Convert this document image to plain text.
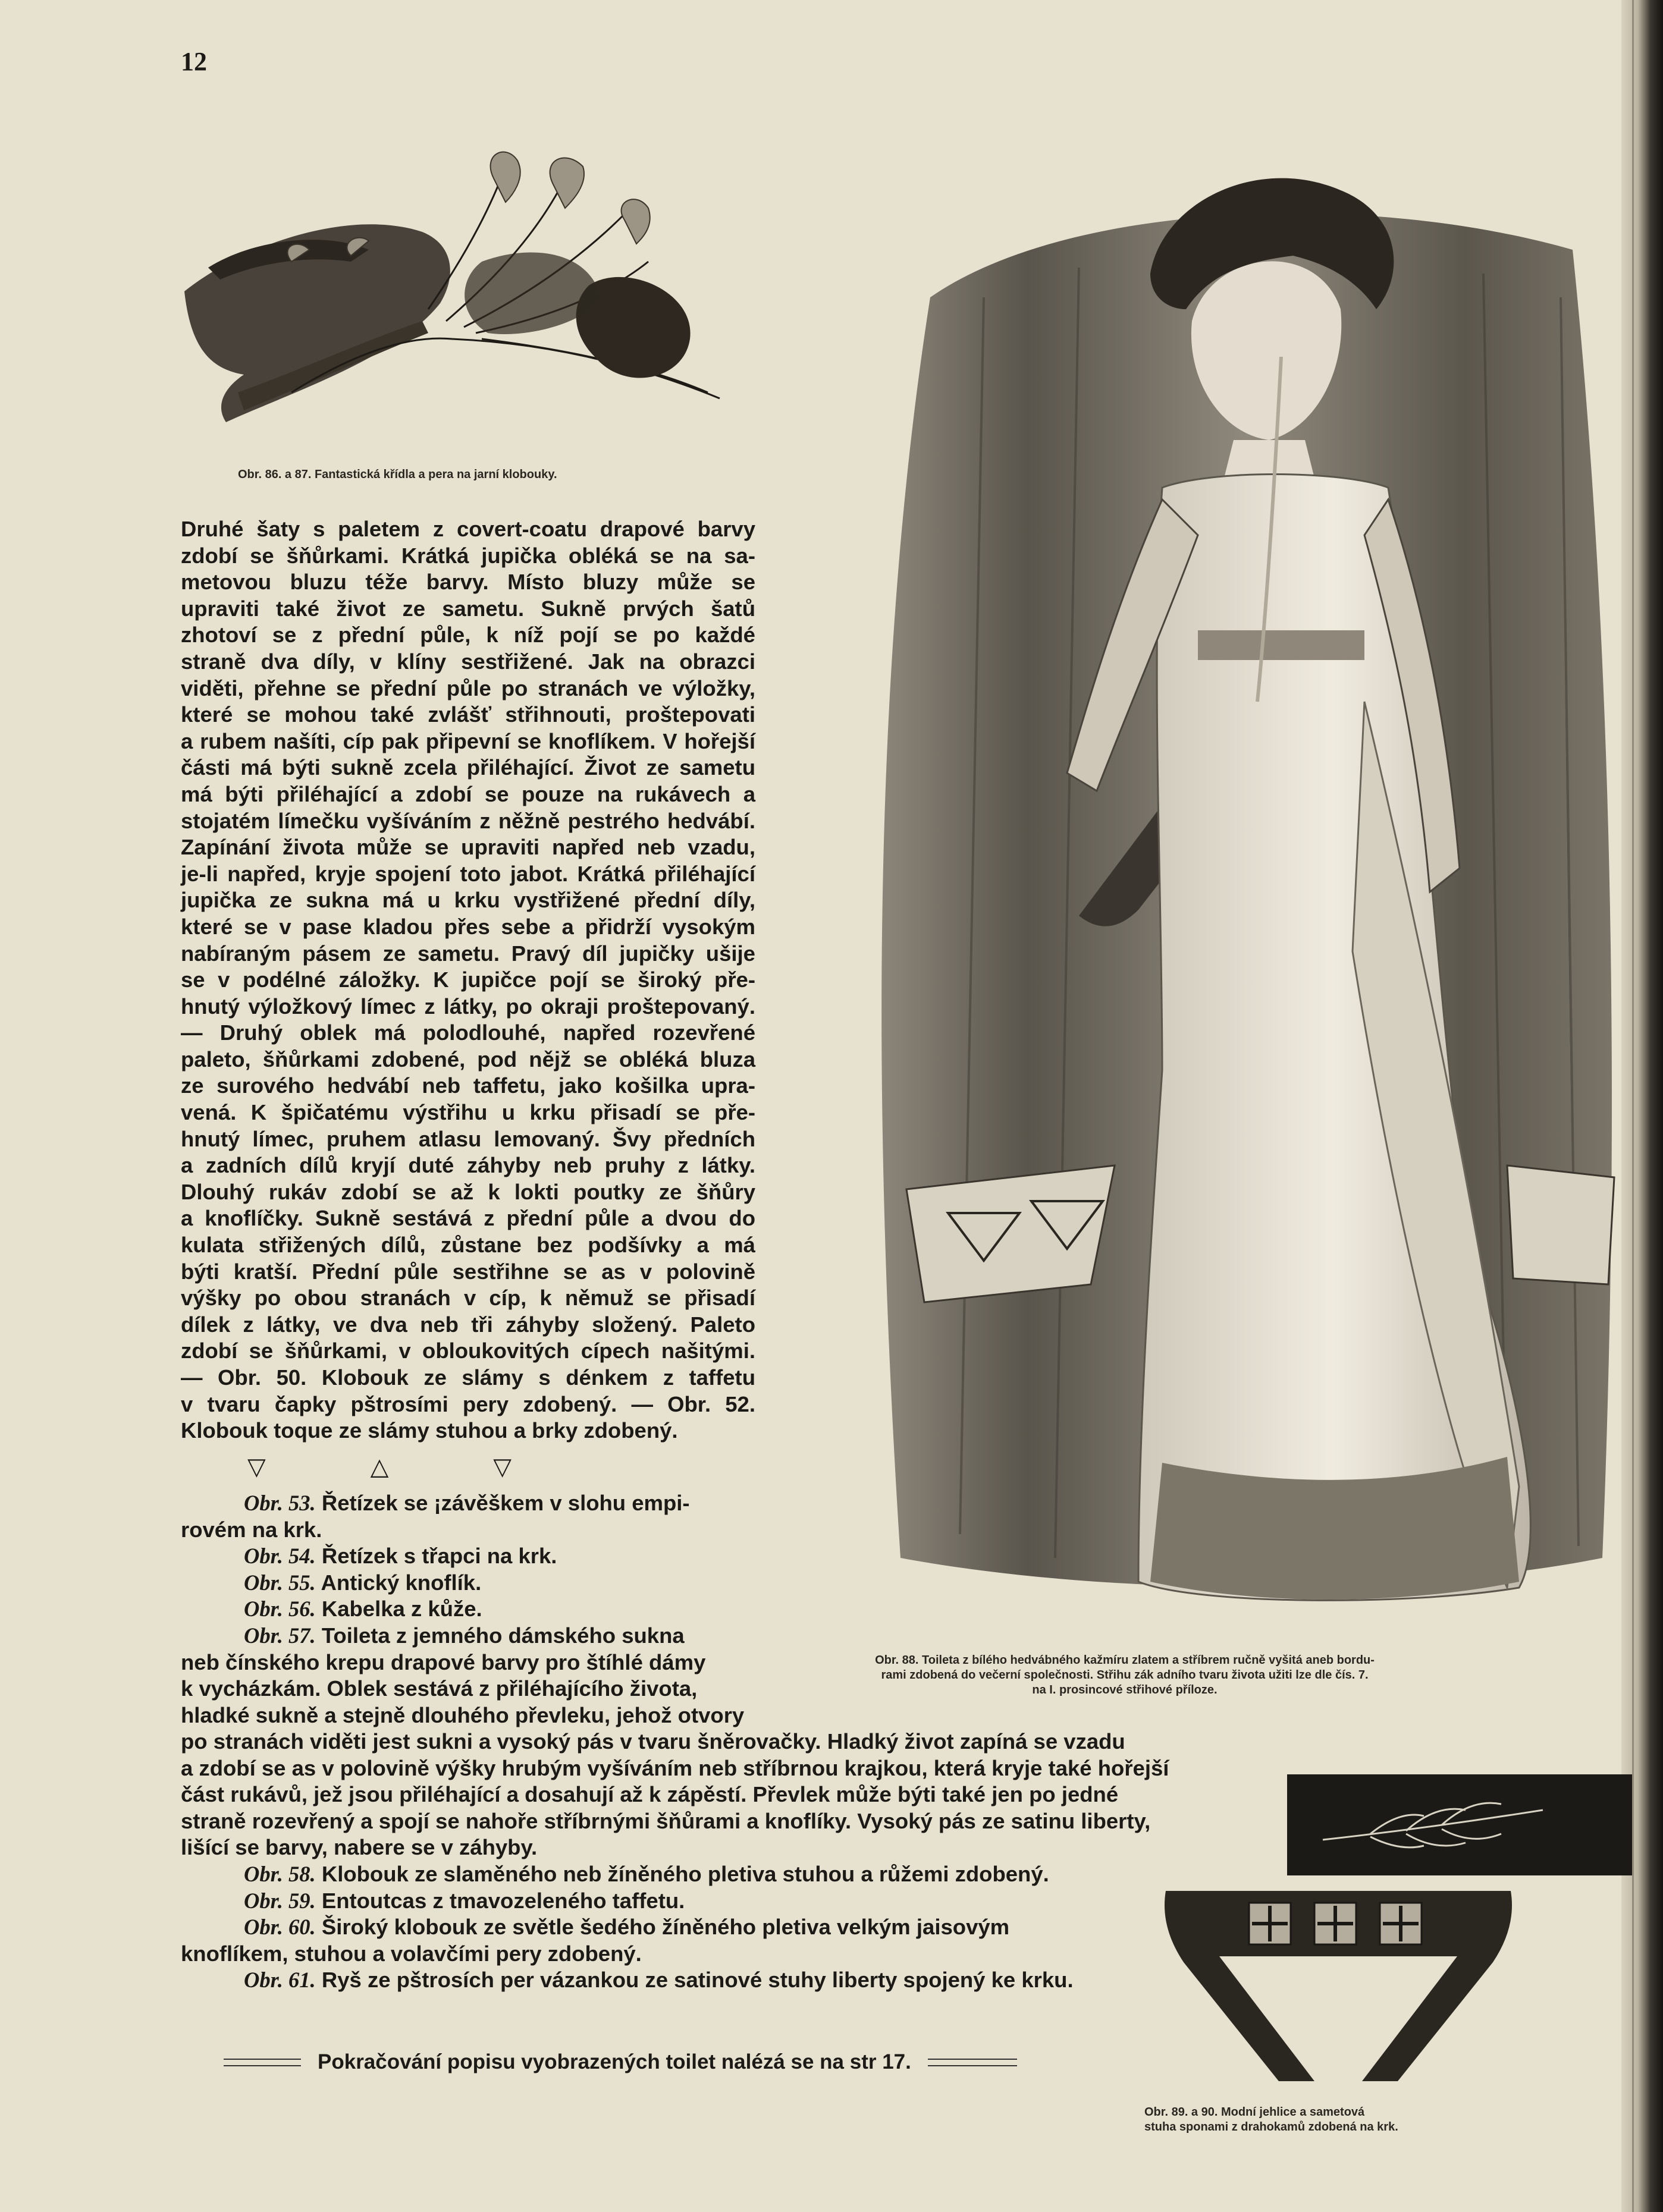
12
Obr. 86. a 87. Fantastická křídla a pera na jarní klobouky.
Obr. 88. Toileta z bílého hedvábného kažmíru zlatem a stříbrem ručně vyšitá aneb bordu-
rami zdobená do večerní společnosti. Střihu zák adního tvaru života užiti lze dle čís. 7.
na I. prosincové střihové příloze.
Obr. 89. a 90. Modní jehlice a sametová
stuha sponami z drahokamů zdobená na krk.
Druhé šaty s paletem z covert-coatu drapové barvy
zdobí se šňůrkami. Krátká jupička obléká se na sa-
metovou bluzu téže barvy. Místo bluzy může se
upraviti také život ze sametu. Sukně prvých šatů
zhotoví se z přední půle, k níž pojí se po každé
straně dva díly, v klíny sestřižené. Jak na obrazci
viděti, přehne se přední půle po stranách ve výložky,
které se mohou také zvlášť střihnouti, proštepovati
a rubem našíti, cíp pak připevní se knoflíkem. V hořejší
části má býti sukně zcela přiléhající. Život ze sametu
má býti přiléhající a zdobí se pouze na rukávech a
stojatém límečku vyšíváním z něžně pestrého hedvábí.
Zapínání života může se upraviti napřed neb vzadu,
je-li napřed, kryje spojení toto jabot. Krátká přiléhající
jupička ze sukna má u krku vystřižené přední díly,
které se v pase kladou přes sebe a přidrží vysokým
nabíraným pásem ze sametu. Pravý díl jupičky ušije
se v podélné záložky. K jupičce pojí se široký pře-
hnutý výložkový límec z látky, po okraji proštepovaný.
— Druhý oblek má polodlouhé, napřed rozevřené
paleto, šňůrkami zdobené, pod nějž se obléká bluza
ze surového hedvábí neb taffetu, jako košilka upra-
vená. K špičatému výstřihu u krku přisadí se pře-
hnutý límec, pruhem atlasu lemovaný. Švy předních
a zadních dílů kryjí duté záhyby neb pruhy z látky.
Dlouhý rukáv zdobí se až k lokti poutky ze šňůry
a knoflíčky. Sukně sestává z přední půle a dvou do
kulata střižených dílů, zůstane bez podšívky a má
býti kratší. Přední půle sestřihne se as v polovině
výšky po obou stranách v cíp, k němuž se přisadí
dílek z látky, ve dva neb tři záhyby složený. Paleto
zdobí se šňůrkami, v obloukovitých cípech našitými.
— Obr. 50. Klobouk ze slámy s dénkem z taffetu
v tvaru čapky pštrosími pery zdobený. — Obr. 52.
Klobouk toque ze slámy stuhou a brky zdobený.
▽	△	▽
Obr. 53. Řetízek se ¡závěškem v slohu empi-
rovém na krk.
Obr. 54. Řetízek s třapci na krk.
Obr. 55. Antický knoflík.
Obr. 56. Kabelka z kůže.
Obr. 57. Toileta z jemného dámského sukna
neb čínského krepu drapové barvy pro štíhlé dámy
k vycházkám. Oblek sestává z přiléhajícího života,
hladké sukně a stejně dlouhého převleku, jehož otvory
po stranách viděti jest sukni a vysoký pás v tvaru šněrovačky. Hladký život zapíná se vzadu
a zdobí se as v polovině výšky hrubým vyšíváním neb stříbrnou krajkou, která kryje také hořejší
část rukávů, jež jsou přiléhající a dosahují až k zápěstí. Převlek může býti také jen po jedné
straně rozevřený a spojí se nahoře stříbrnými šňůrami a knoflíky. Vysoký pás ze satinu liberty,
lišící se barvy, nabere se v záhyby.
Obr. 58. Klobouk ze slaměného neb žíněného pletiva stuhou a růžemi zdobený.
Obr. 59. Entoutcas z tmavozeleného taffetu.
Obr. 60. Široký klobouk ze světle šedého žíněného pletiva velkým jaisovým
knoflíkem, stuhou a volavčími pery zdobený.
Obr. 61. Ryš ze pštrosích per vázankou ze satinové stuhy liberty spojený ke krku.
Pokračování popisu vyobrazených toilet nalézá se na str 17.
